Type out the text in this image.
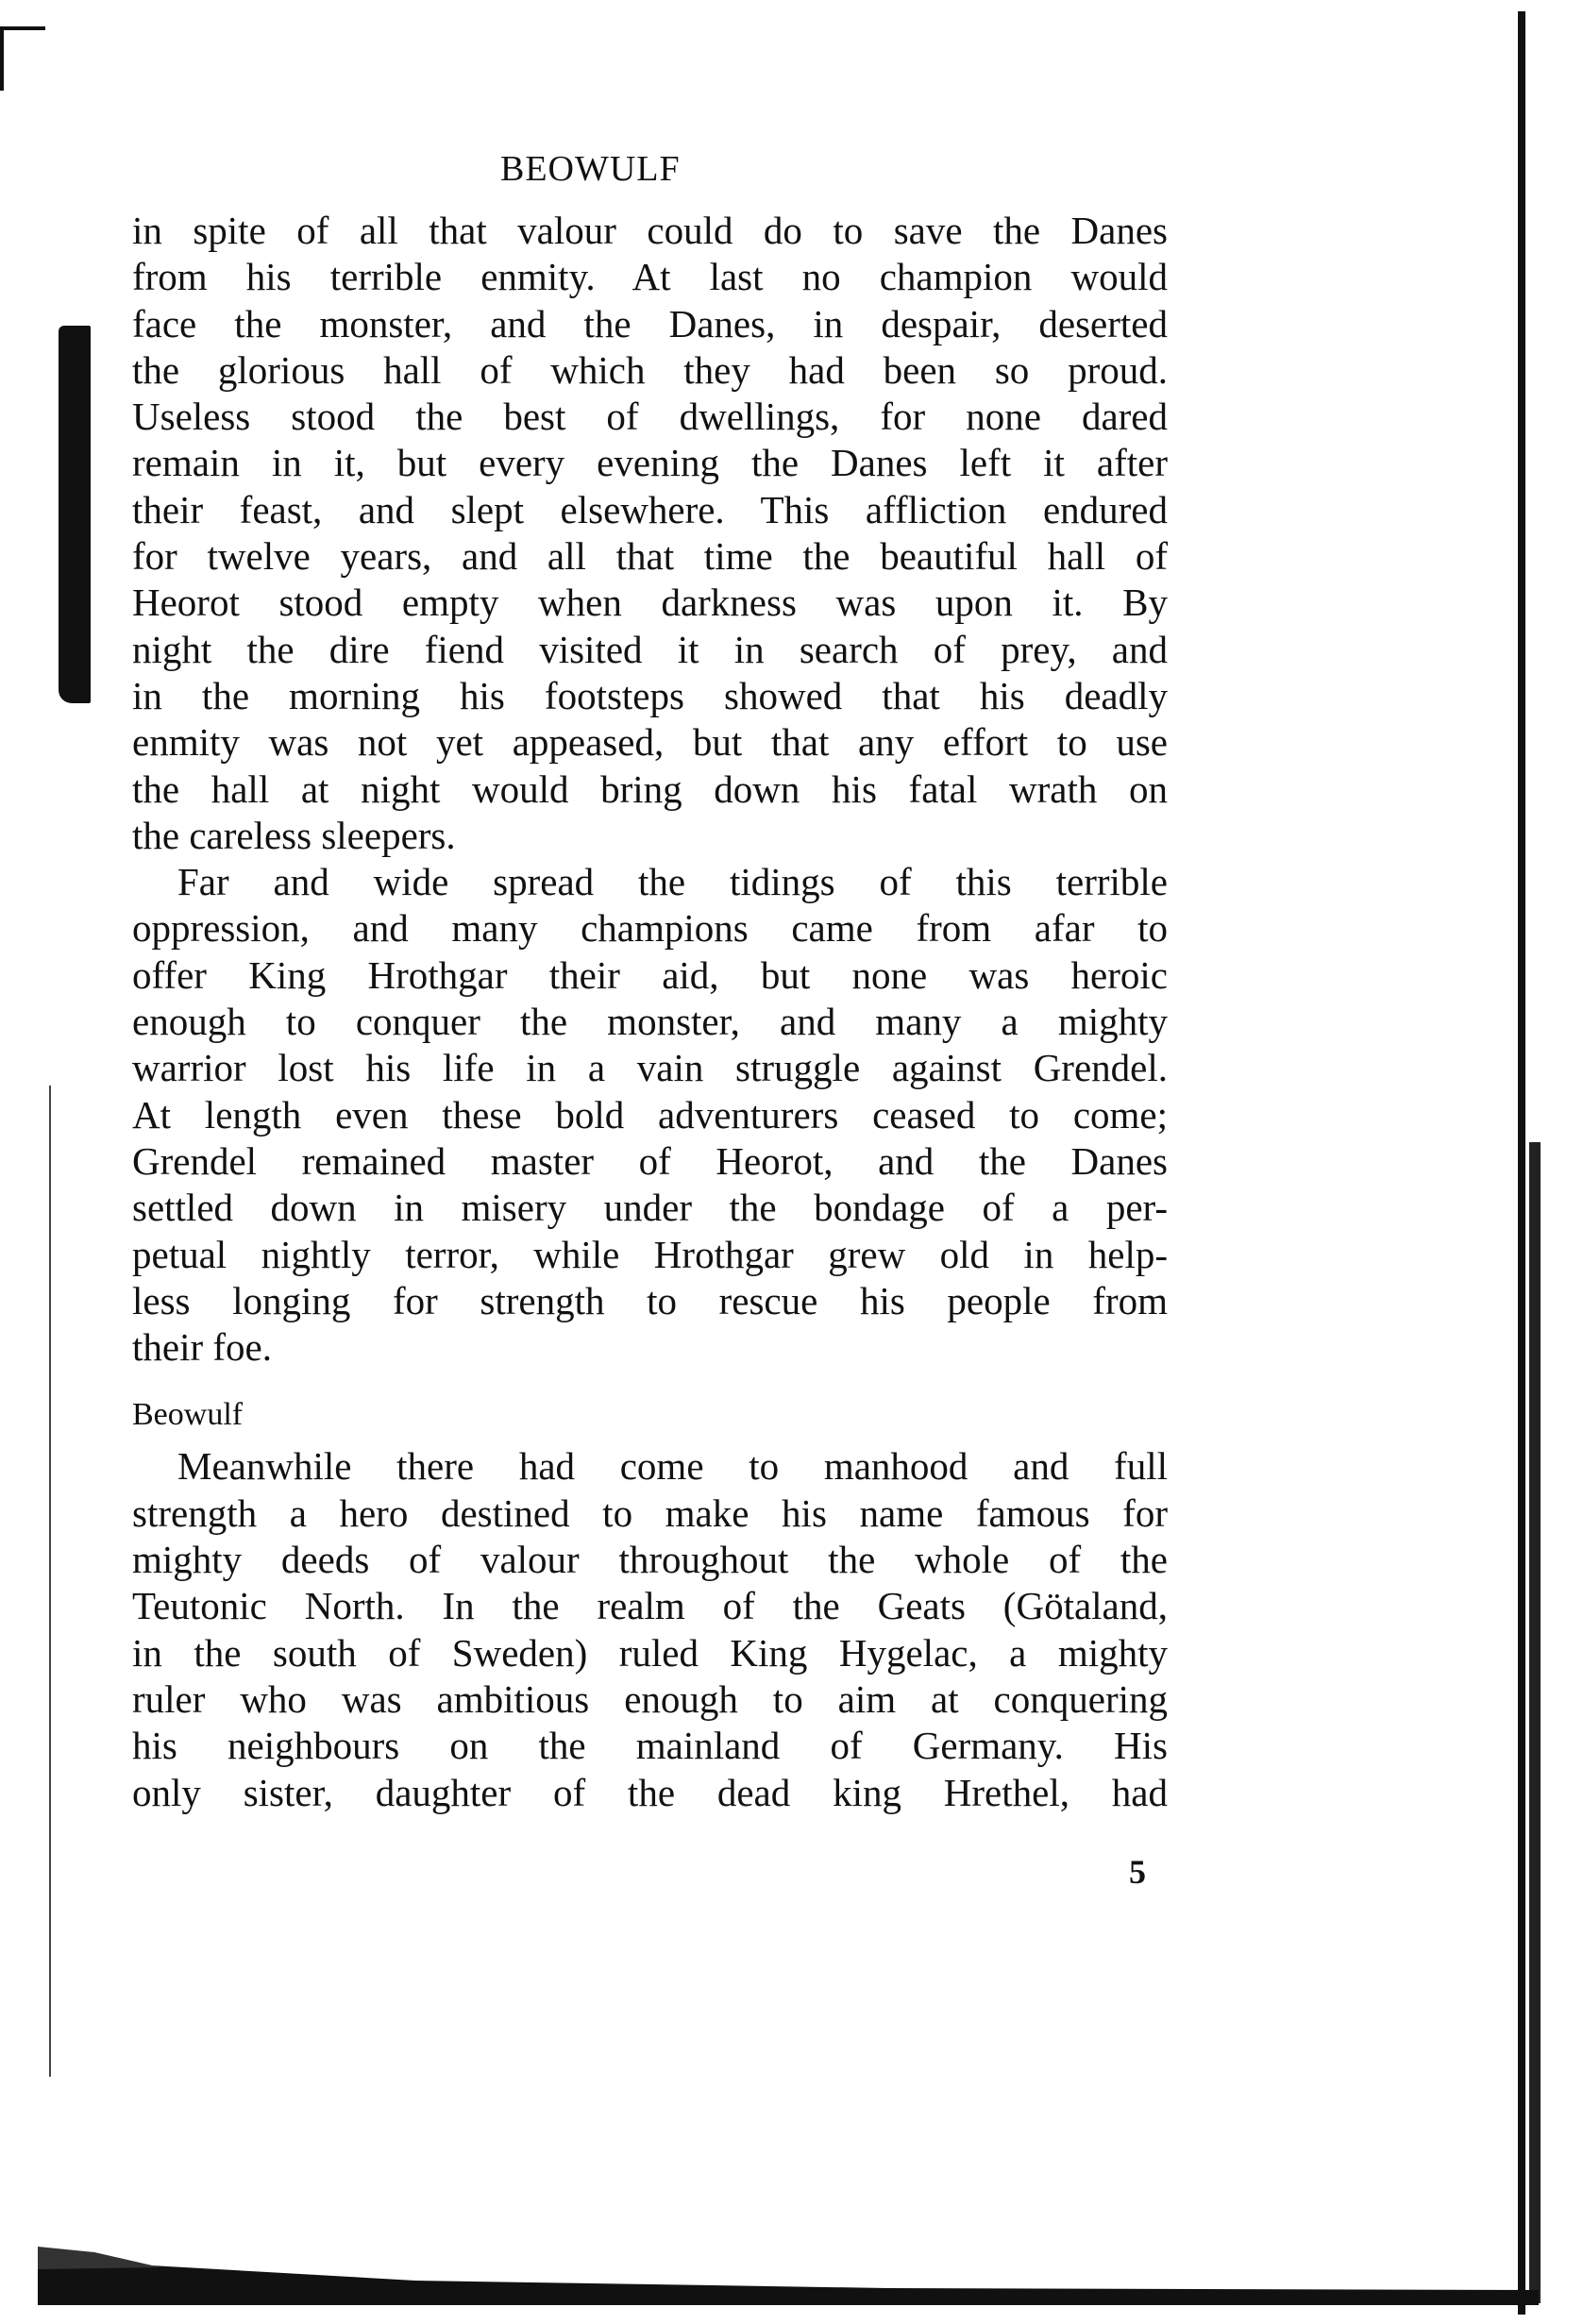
BEOWULF
in spite of all that valour could do to save the Danes
from his terrible enmity. At last no champion would
face the monster, and the Danes, in despair, deserted
the glorious hall of which they had been so proud.
Useless stood the best of dwellings, for none dared
remain in it, but every evening the Danes left it after
their feast, and slept elsewhere. This affliction endured
for twelve years, and all that time the beautiful hall of
Heorot stood empty when darkness was upon it. By
night the dire fiend visited it in search of prey, and
in the morning his footsteps showed that his deadly
enmity was not yet appeased, but that any effort to use
the hall at night would bring down his fatal wrath on
the careless sleepers.
Far and wide spread the tidings of this terrible
oppression, and many champions came from afar to
offer King Hrothgar their aid, but none was heroic
enough to conquer the monster, and many a mighty
warrior lost his life in a vain struggle against Grendel.
At length even these bold adventurers ceased to come;
Grendel remained master of Heorot, and the Danes
settled down in misery under the bondage of a per-
petual nightly terror, while Hrothgar grew old in help-
less longing for strength to rescue his people from
their foe.
Beowulf
Meanwhile there had come to manhood and full
strength a hero destined to make his name famous for
mighty deeds of valour throughout the whole of the
Teutonic North. In the realm of the Geats (Götaland,
in the south of Sweden) ruled King Hygelac, a mighty
ruler who was ambitious enough to aim at conquering
his neighbours on the mainland of Germany. His
only sister, daughter of the dead king Hrethel, had
5
